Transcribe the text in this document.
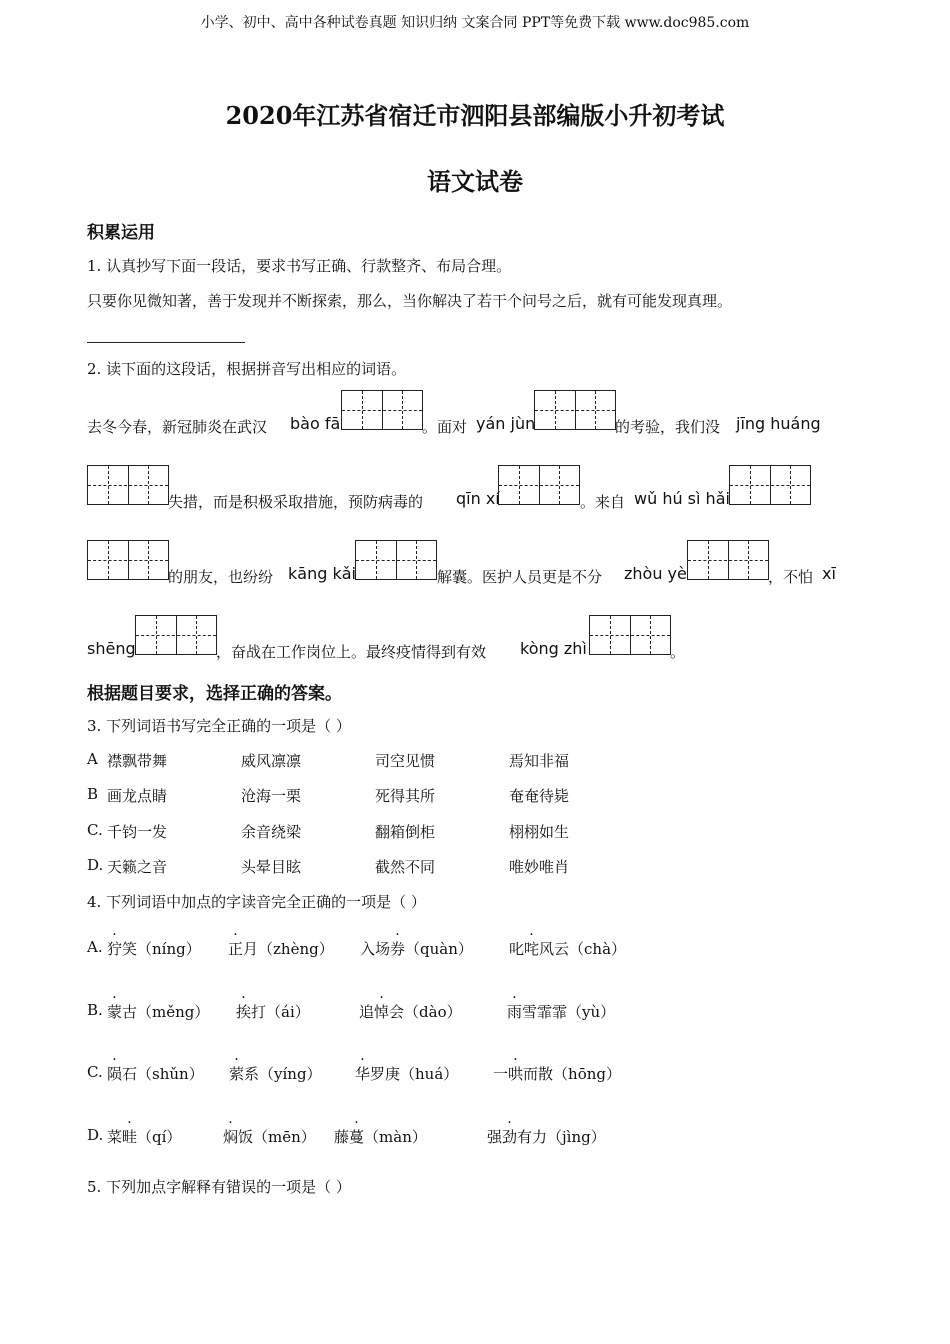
小学、初中、高中各种试卷真题 知识归纳 文案合同 PPT等免费下载 www.doc985.com
2020年江苏省宿迁市泗阳县部编版小升初考试
语文试卷
积累运用
1. 认真抄写下面一段话，要求书写正确、行款整齐、布局合理。
只要你见微知著，善于发现并不断探索，那么，当你解决了若干个问号之后，就有可能发现真理。
2. 读下面的这段话，根据拼音写出相应的词语。
去冬今春，新冠肺炎在武汉 bào fā	。面对 yán jùn	的考验，我们没 jīng huáng
失措，而是积极采取措施，预防病毒的 qīn xí	。来自 wǔ hú sì hǎi
的朋友，也纷纷 kāng kǎi	解囊。医护人员更是不分 zhòu yè	，不怕 xī
shēng	，奋战在工作岗位上。最终疫情得到有效 kòng zhì	。
根据题目要求，选择正确的答案。
3. 下列词语书写完全正确的一项是（ ）
A 襟飘带舞	威风凛凛	司空见惯	焉知非福
B 画龙点睛	沧海一栗	死得其所	奄奄待毙
C. 千钧一发	余音绕梁	翻箱倒柜	栩栩如生
D. 天籁之音	头晕目眩	截然不同	唯妙唯肖
4. 下列词语中加点的字读音完全正确的一项是（ ）
A. 狞笑（níng） 正月（zhèng） 入场券（quàn） 叱咤风云（chà）
B. 蒙古（měng） 挨打（ái）	追悼会（dào）	雨雪霏霏（yù）
C. 陨石（shǔn） 萦系（yíng） 华罗庚（huá） 一哄而散（hōng）
D. 菜畦（qí）	焖饭（mēn） 藤蔓（màn）	强劲有力（jìng）
5. 下列加点字解释有错误的一项是（ ）
